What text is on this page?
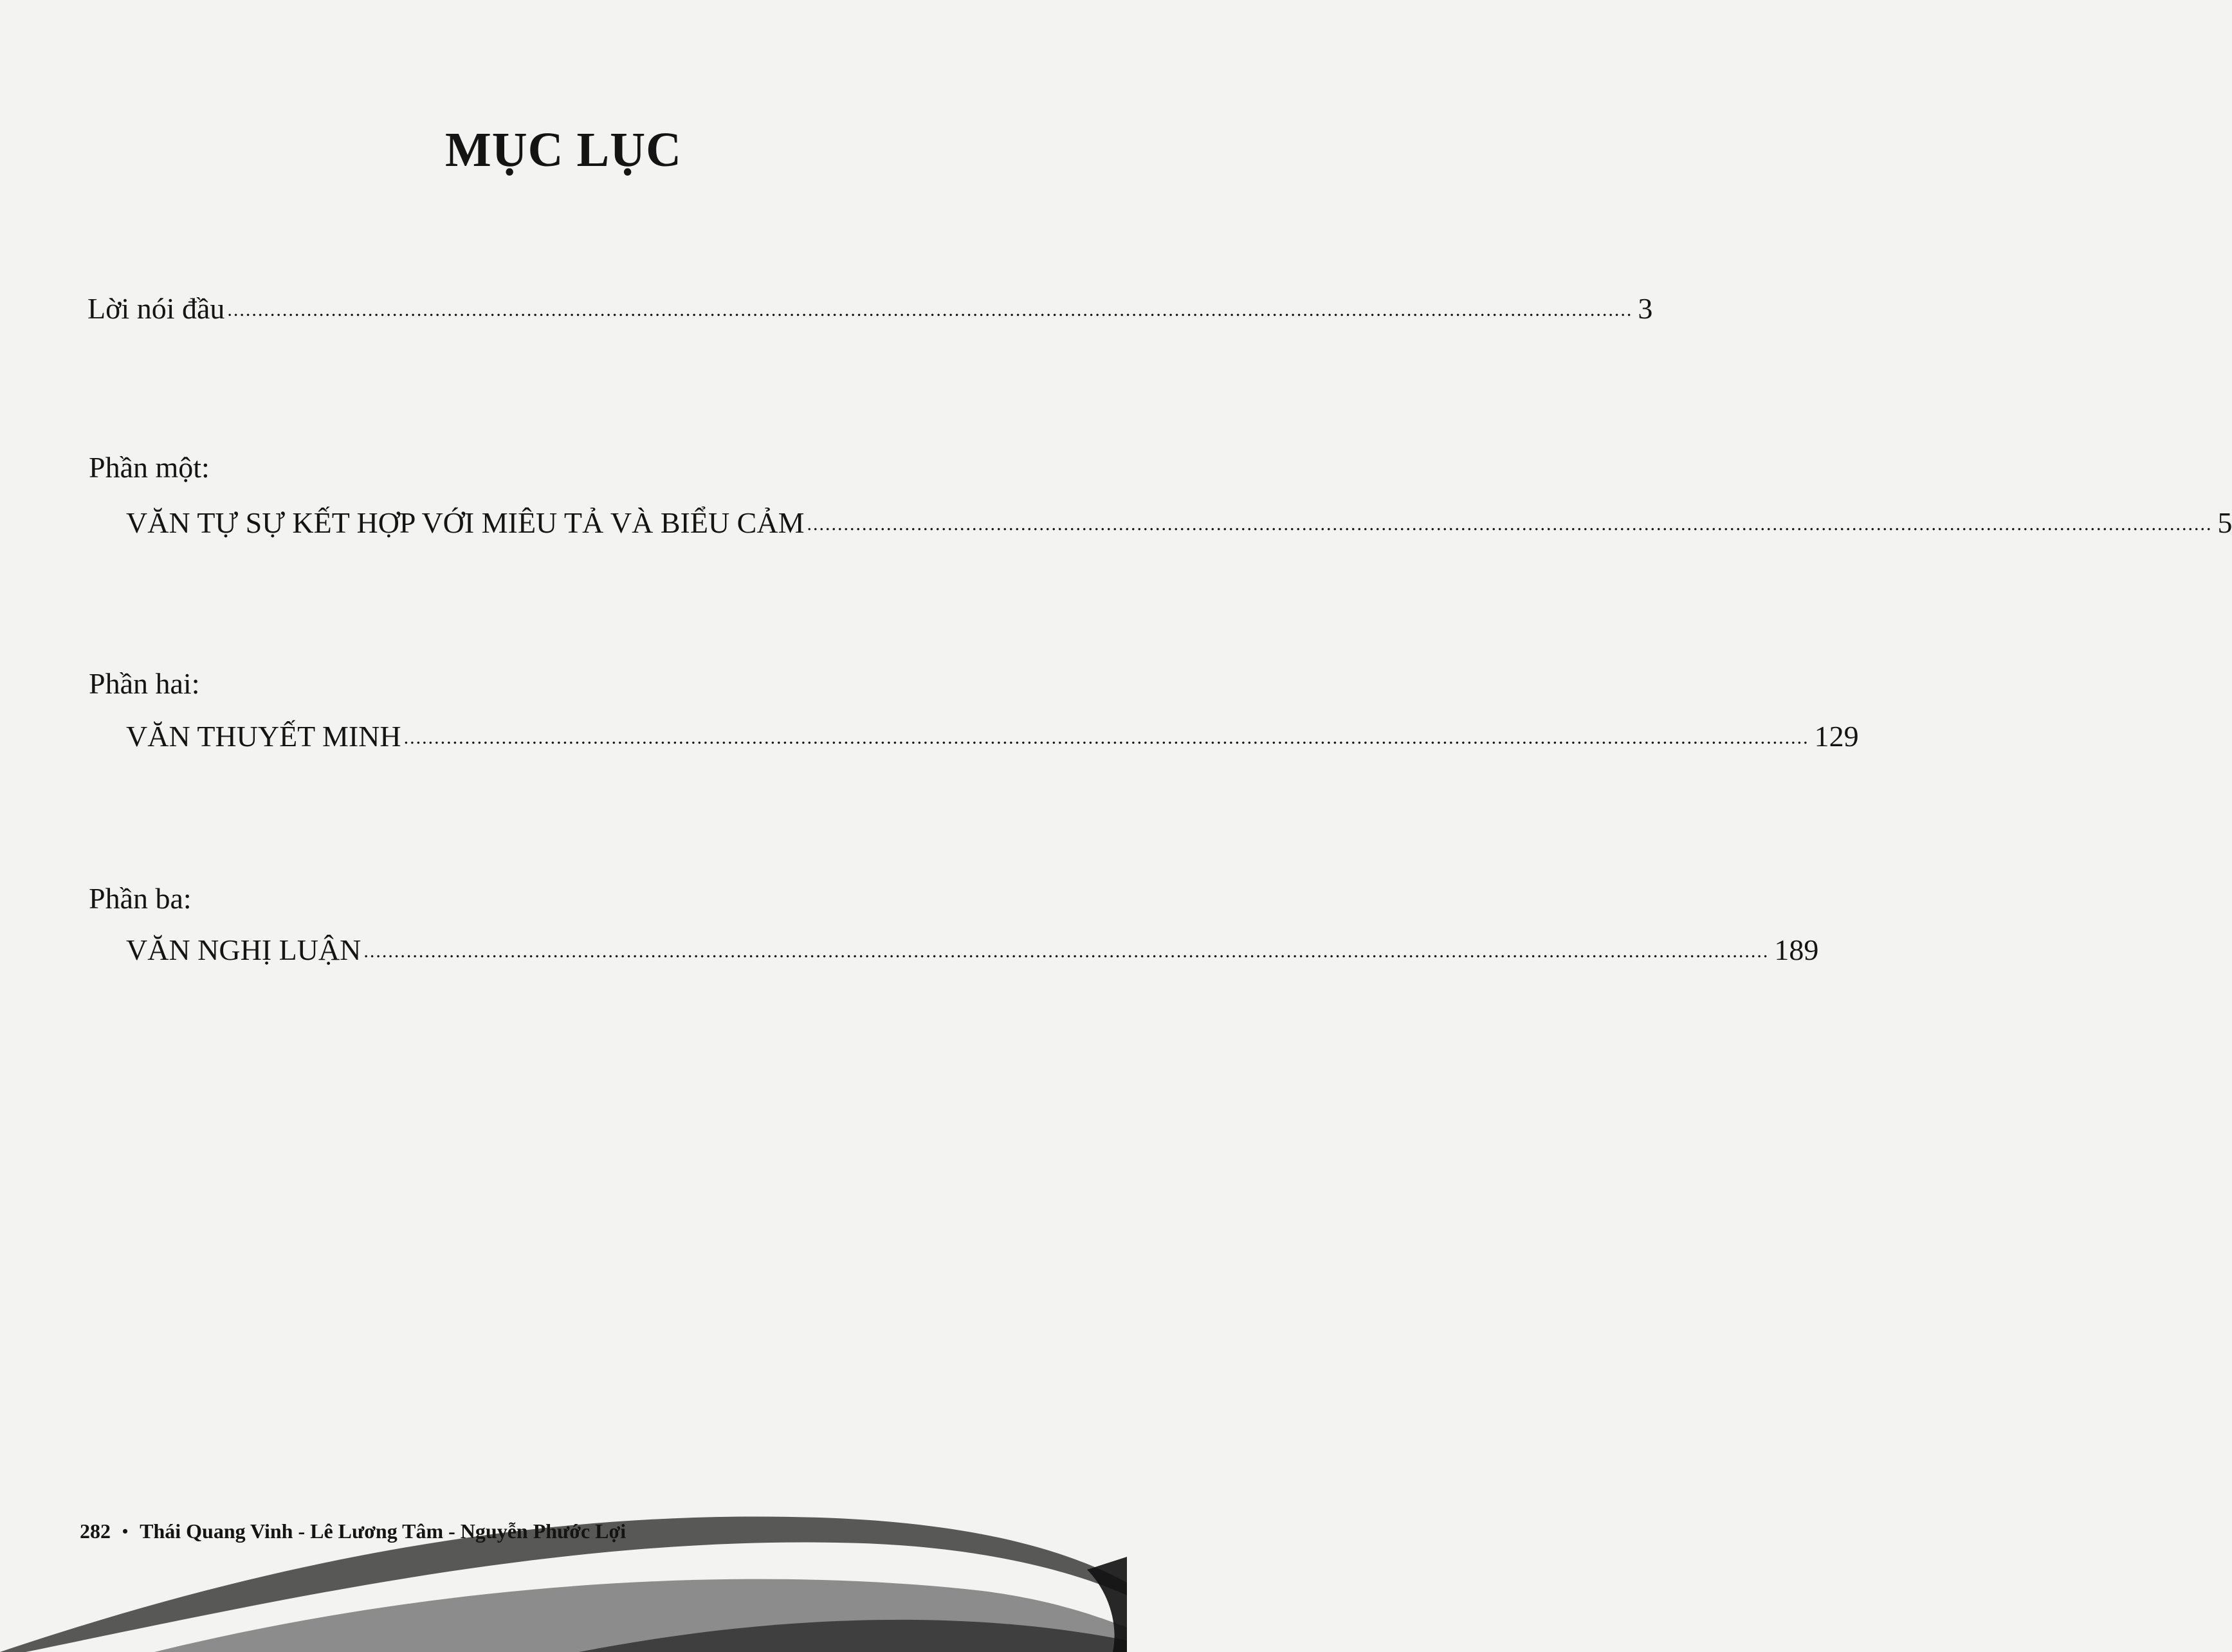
MỤC LỤC
Lời nói đầu ...................................................................................................................................................................................................................................... 3
Phần một:
VĂN TỰ SỰ KẾT HỢP VỚI MIÊU TẢ VÀ BIỂU CẢM ...................................................................................................................................................................................................................................... 5
Phần hai:
VĂN THUYẾT MINH ...................................................................................................................................................................................................................................... 129
Phần ba:
VĂN NGHỊ LUẬN ...................................................................................................................................................................................................................................... 189
282 • Thái Quang Vinh - Lê Lương Tâm - Nguyễn Phước Lợi
